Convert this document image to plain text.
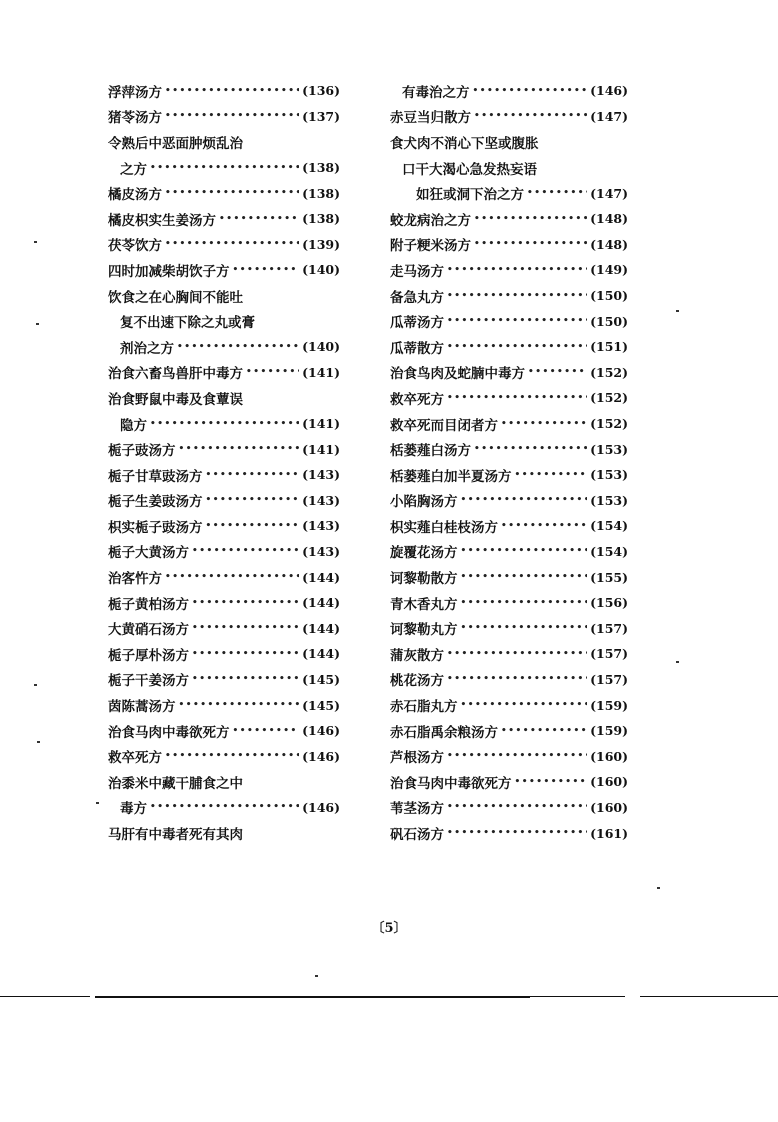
浮萍汤方 •••••	(136)
猪苓汤方 •••••	(137)
令熟后中恶面肿烦乱治
之方 •••••	(138)
橘皮汤方 •••••	(138)
橘皮枳实生姜汤方 •••••	(138)
茯苓饮方 •••••	(139)
四时加减柴胡饮子方 •••••	(140)
饮食之在心胸间不能吐
复不出速下除之丸或膏
剂治之方 •••••	(140)
治食六畜鸟兽肝中毒方 •••••	(141)
治食野鼠中毒及食蕈误
隐方 •••••	(141)
栀子豉汤方 •••••	(141)
栀子甘草豉汤方 •••••	(143)
栀子生姜豉汤方 •••••	(143)
枳实栀子豉汤方 •••••	(143)
栀子大黄汤方 •••••	(143)
治客忤方 •••••	(144)
栀子黄柏汤方 •••••	(144)
大黄硝石汤方 •••••	(144)
栀子厚朴汤方 •••••	(144)
栀子干姜汤方 •••••	(145)
茵陈蒿汤方 •••••	(145)
治食马肉中毒欲死方 •••••	(146)
救卒死方 •••••	(146)
治黍米中藏干脯食之中
毒方 •••••	(146)
马肝有中毒者死有其肉
有毒治之方 •••••	(146)
赤豆当归散方 •••••	(147)
食犬肉不消心下坚或腹胀
口干大渴心急发热妄语
如狂或洞下治之方 •••••	(147)
蛟龙病治之方 •••••	(148)
附子粳米汤方 •••••	(148)
走马汤方 •••••	(149)
备急丸方 •••••	(150)
瓜蒂汤方 •••••	(150)
瓜蒂散方 •••••	(151)
治食鸟肉及蛇腩中毒方 •••••	(152)
救卒死方 •••••	(152)
救卒死而目闭者方 •••••	(152)
栝蒌薤白汤方 •••••	(153)
栝蒌薤白加半夏汤方 •••••	(153)
小陷胸汤方 •••••	(153)
枳实薤白桂枝汤方 •••••	(154)
旋覆花汤方 •••••	(154)
诃黎勒散方 •••••	(155)
青木香丸方 •••••	(156)
诃黎勒丸方 •••••	(157)
蒲灰散方 •••••	(157)
桃花汤方 •••••	(157)
赤石脂丸方 •••••	(159)
赤石脂禹余粮汤方 •••••	(159)
芦根汤方 •••••	(160)
治食马肉中毒欲死方 •••••	(160)
苇茎汤方 •••••	(160)
矾石汤方 •••••	(161)
〔5〕
